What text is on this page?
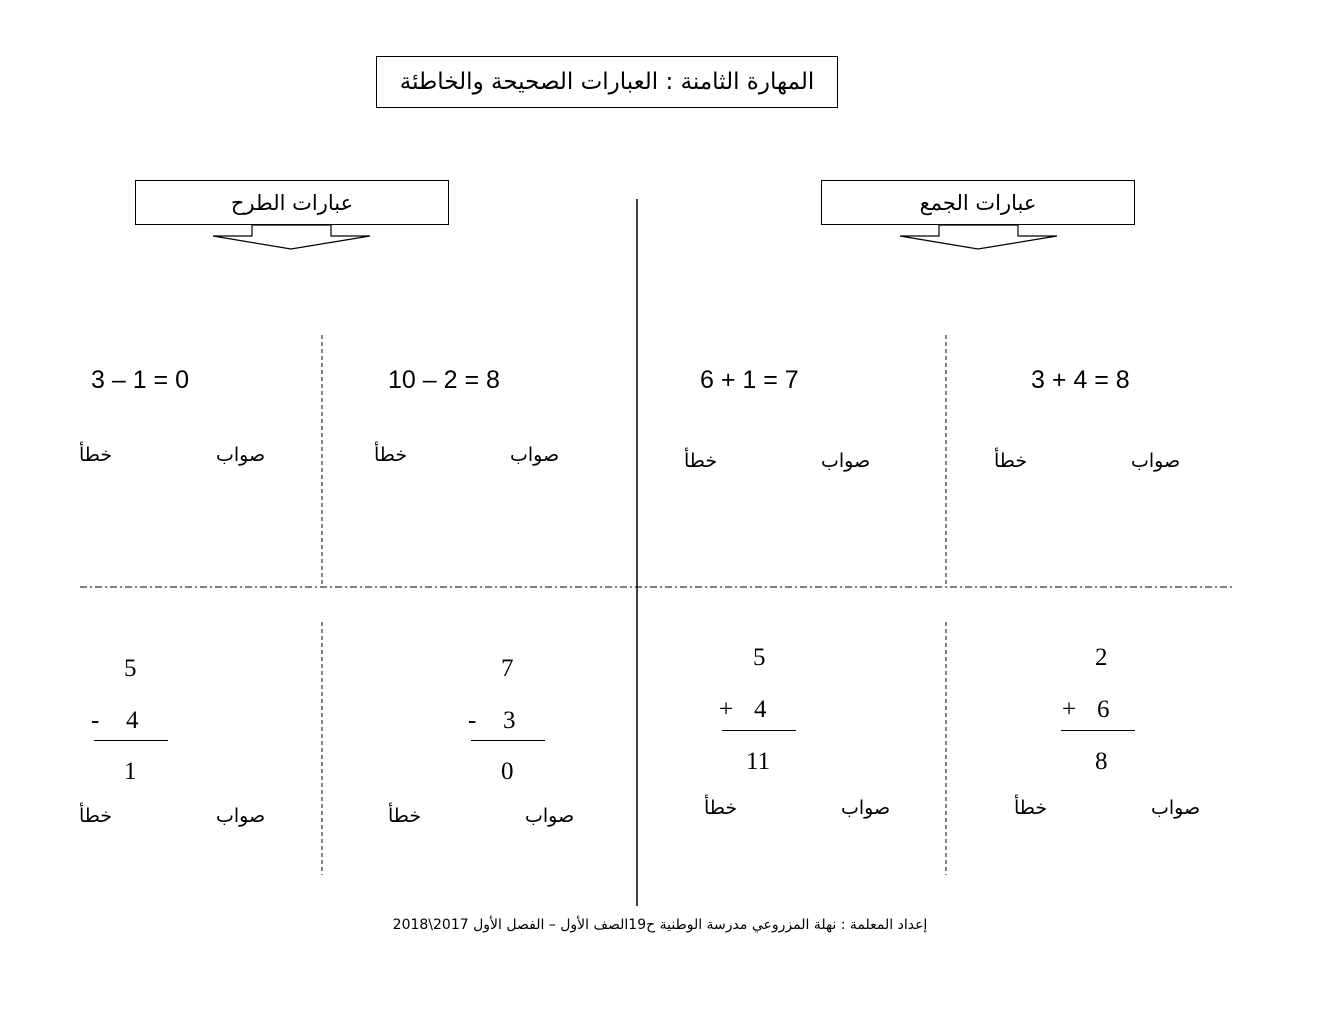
المهارة الثامنة : العبارات الصحيحة والخاطئة
عبارات الطرح	عبارات الجمع
3 + 4 = 8
6 + 1 = 7
10 – 2 = 8
3 – 1 = 0
صواب
خطأ
صواب
خطأ
صواب
خطأ
صواب
خطأ
2
+ 6
8
5
+ 4
11
7
- 3
0
5
- 4
1
صواب
خطأ
صواب
خطأ
صواب
خطأ
صواب
خطأ
إعداد المعلمة : نهلة المزروعي مدرسة الوطنية ح19الصف الأول – الفصل الأول 2017\2018
